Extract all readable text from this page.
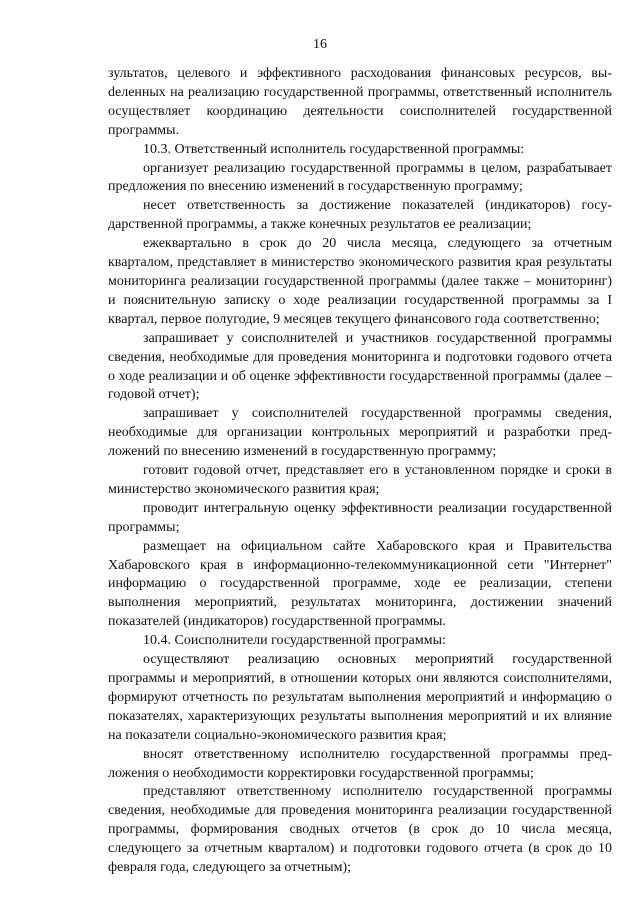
16

зультатов, целевого и эффективного расходования финансовых ресурсов, выdеленных на реализацию государственной программы, ответственный исполнитель осуществляет координацию деятельности соисполнителей государственной программы.

10.3. Ответственный исполнитель государственной программы:

организует реализацию государственной программы в целом, разрабатывает предложения по внесению изменений в государственную программу;

несет ответственность за достижение показателей (индикаторов) государственной программы, а также конечных результатов ее реализации;

ежеквартально в срок до 20 числа месяца, следующего за отчетным кварталом, представляет в министерство экономического развития края результаты мониторинга реализации государственной программы (далее также – мониторинг) и пояснительную записку о ходе реализации государственной программы за I квартал, первое полугодие, 9 месяцев текущего финансового года соответственно;

запрашивает у соисполнителей и участников государственной программы сведения, необходимые для проведения мониторинга и подготовки годового отчета о ходе реализации и об оценке эффективности государственной программы (далее – годовой отчет);

запрашивает у соисполнителей государственной программы сведения, необходимые для организации контрольных мероприятий и разработки предложений по внесению изменений в государственную программу;

готовит годовой отчет, представляет его в установленном порядке и сроки в министерство экономического развития края;

проводит интегральную оценку эффективности реализации государственной программы;

размещает на официальном сайте Хабаровского края и Правительства Хабаровского края в информационно-телекоммуникационной сети "Интернет" информацию о государственной программе, ходе ее реализации, степени выполнения мероприятий, результатах мониторинга, достижении значений показателей (индикаторов) государственной программы.

10.4. Соисполнители государственной программы:

осуществляют реализацию основных мероприятий государственной программы и мероприятий, в отношении которых они являются соисполнителями, формируют отчетность по результатам выполнения мероприятий и информацию о показателях, характеризующих результаты выполнения мероприятий и их влияние на показатели социально-экономического развития края;

вносят ответственному исполнителю государственной программы предложения о необходимости корректировки государственной программы;

представляют ответственному исполнителю государственной программы сведения, необходимые для проведения мониторинга реализации государственной программы, формирования сводных отчетов (в срок до 10 числа месяца, следующего за отчетным кварталом) и подготовки годового отчета (в срок до 10 февраля года, следующего за отчетным);
